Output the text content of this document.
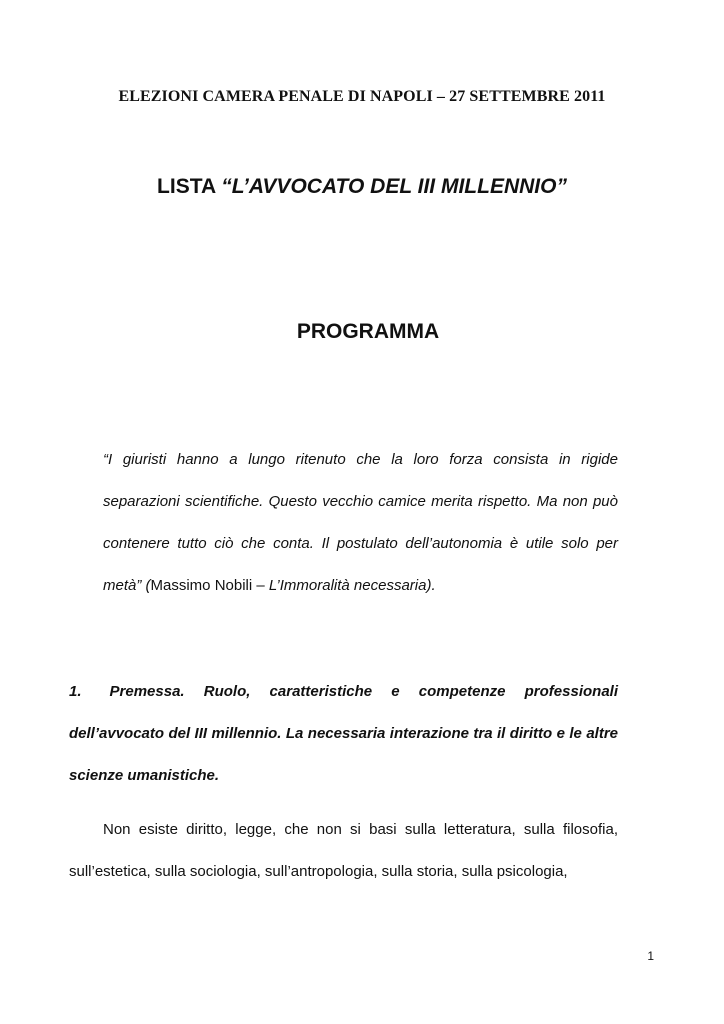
ELEZIONI CAMERA PENALE DI NAPOLI – 27 SETTEMBRE 2011
LISTA “L’AVVOCATO DEL III MILLENNIO”
PROGRAMMA
“I giuristi hanno a lungo ritenuto che la loro forza consista in rigide separazioni scientifiche. Questo vecchio camice merita rispetto. Ma non può contenere tutto ciò che conta. Il postulato dell’autonomia è utile solo per metà” (Massimo Nobili – L’Immoralità necessaria).
1. Premessa. Ruolo, caratteristiche e competenze professionali dell’avvocato del III millennio. La necessaria interazione tra il diritto e le altre scienze umanistiche.
Non esiste diritto, legge, che non si basi sulla letteratura, sulla filosofia, sull’estetica, sulla sociologia, sull’antropologia, sulla storia, sulla psicologia,
1
